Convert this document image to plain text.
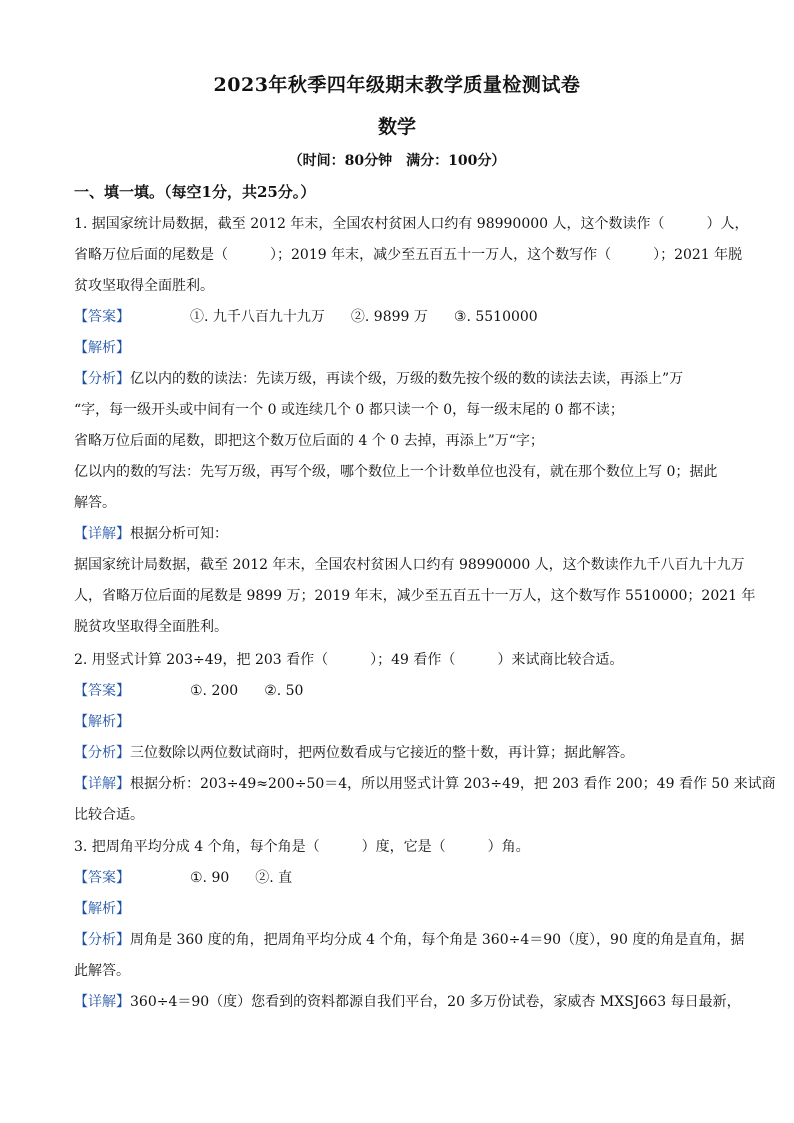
2023年秋季四年级期末教学质量检测试卷
数学
（时间：80分钟　满分：100分）
一、填一填。（每空1分，共25分。）
1. 据国家统计局数据，截至 2012 年末，全国农村贫困人口约有 98990000 人，这个数读作（　　　）人，
省略万位后面的尾数是（　　　）；2019 年末，减少至五百五十一万人，这个数写作（　　　）；2021 年脱
贫攻坚取得全面胜利。
【答案】	①. 九千八百九十九万 ②. 9899 万 ③. 5510000
【解析】
【分析】亿以内的数的读法：先读万级，再读个级，万级的数先按个级的数的读法去读，再添上”万
“字，每一级开头或中间有一个 0 或连续几个 0 都只读一个 0，每一级末尾的 0 都不读；
省略万位后面的尾数，即把这个数万位后面的 4 个 0 去掉，再添上”万“字；
亿以内的数的写法：先写万级，再写个级，哪个数位上一个计数单位也没有，就在那个数位上写 0；据此
解答。
【详解】根据分析可知：
据国家统计局数据，截至 2012 年末，全国农村贫困人口约有 98990000 人，这个数读作九千八百九十九万
人，省略万位后面的尾数是 9899 万；2019 年末，减少至五百五十一万人，这个数写作 5510000；2021 年
脱贫攻坚取得全面胜利。
2. 用竖式计算 203÷49，把 203 看作（　　　）；49 看作（　　　）来试商比较合适。
【答案】	①. 200 ②. 50
【解析】
【分析】三位数除以两位数试商时，把两位数看成与它接近的整十数，再计算；据此解答。
【详解】根据分析：203÷49≈200÷50＝4，所以用竖式计算 203÷49，把 203 看作 200；49 看作 50 来试商
比较合适。
3. 把周角平均分成 4 个角，每个角是（　　　）度，它是（　　　）角。
【答案】	①. 90 ②. 直
【解析】
【分析】周角是 360 度的角，把周角平均分成 4 个角，每个角是 360÷4＝90（度），90 度的角是直角，据
此解答。
【详解】360÷4＝90（度）您看到的资料都源自我们平台，20 多万份试卷，家威杏 MXSJ663 每日最新，
